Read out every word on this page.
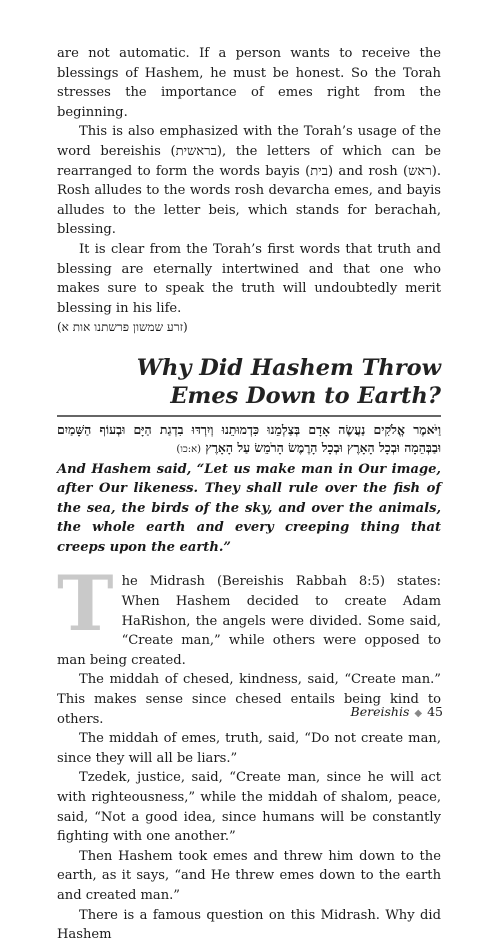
are not automatic. If a person wants to receive the blessings of Hashem, he must be honest. So the Torah stresses the importance of emes right from the beginning.

This is also emphasized with the Torah’s usage of the word bereishis (בראשית), the letters of which can be rearranged to form the words bayis (בית) and rosh (ראש). Rosh alludes to the words rosh devarcha emes, and bayis alludes to the letter beis, which stands for berachah, blessing.

It is clear from the Torah’s first words that truth and blessing are eternally intertwined and that one who makes sure to speak the truth will undoubtedly merit blessing in his life.

(זרע שמשון פרשתנו אות א)

Why Did Hashem Throw
Emes Down to Earth?

וַיֹּאמֶר אֱלֹקִים נַעֲשֶׂה אָדָם בְּצַלְמֵנוּ כִּדְמוּתֵנוּ וְיִרְדּוּ בִדְגַת הַיָּם וּבְעוֹף הַשָּׁמַיִם וּבַבְּהֵמָה וּבְכָל הָאָרֶץ וּבְכָל הָרֶמֶשׂ הָרֹמֵשׂ עַל הָאָרֶץ (א:כו)

And Hashem said, “Let us make man in Our image, after Our likeness. They shall rule over the fish of the sea, the birds of the sky, and over the animals, the whole earth and every creeping thing that creeps upon the earth.”

The Midrash (Bereishis Rabbah 8:5) states: When Hashem decided to create Adam HaRishon, the angels were divided. Some said, “Create man,” while others were opposed to man being created.

The middah of chesed, kindness, said, “Create man.” This makes sense since chesed entails being kind to others.

The middah of emes, truth, said, “Do not create man, since they will all be liars.”

Tzedek, justice, said, “Create man, since he will act with righteousness,” while the middah of shalom, peace, said, “Not a good idea, since humans will be constantly fighting with one another.”

Then Hashem took emes and threw him down to the earth, as it says, “and He threw emes down to the earth and created man.”

There is a famous question on this Midrash. Why did Hashem

Bereishis ◆ 45
